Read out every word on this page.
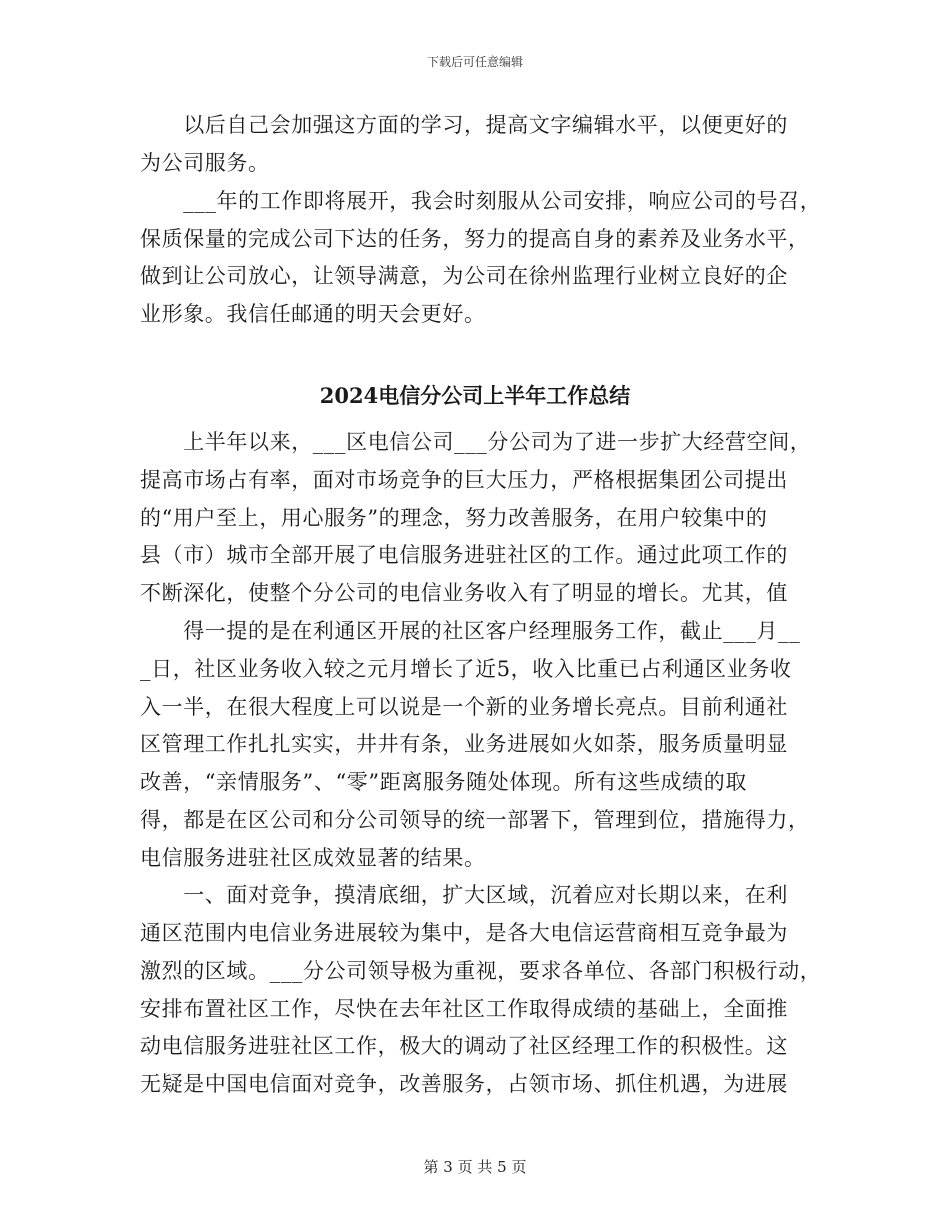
下载后可任意编辑
　　以后自己会加强这方面的学习，提高文字编辑水平，以便更好的
为公司服务。
　　___年的工作即将展开，我会时刻服从公司安排，响应公司的号召，
保质保量的完成公司下达的任务，努力的提高自身的素养及业务水平，
做到让公司放心，让领导满意，为公司在徐州监理行业树立良好的企
业形象。我信任邮通的明天会更好。
2024电信分公司上半年工作总结
　　上半年以来，___区电信公司___分公司为了进一步扩大经营空间，
提高市场占有率，面对市场竞争的巨大压力，严格根据集团公司提出
的“用户至上，用心服务”的理念，努力改善服务，在用户较集中的
县（市）城市全部开展了电信服务进驻社区的工作。通过此项工作的
不断深化，使整个分公司的电信业务收入有了明显的增长。尤其，值
　　得一提的是在利通区开展的社区客户经理服务工作，截止___月__
_日，社区业务收入较之元月增长了近5，收入比重已占利通区业务收
入一半，在很大程度上可以说是一个新的业务增长亮点。目前利通社
区管理工作扎扎实实，井井有条，业务进展如火如荼，服务质量明显
改善，“亲情服务”、“零”距离服务随处体现。所有这些成绩的取
得，都是在区公司和分公司领导的统一部署下，管理到位，措施得力，
电信服务进驻社区成效显著的结果。
　　一、面对竞争，摸清底细，扩大区域，沉着应对长期以来，在利
通区范围内电信业务进展较为集中，是各大电信运营商相互竞争最为
激烈的区域。___分公司领导极为重视，要求各单位、各部门积极行动，
安排布置社区工作，尽快在去年社区工作取得成绩的基础上，全面推
动电信服务进驻社区工作，极大的调动了社区经理工作的积极性。这
无疑是中国电信面对竞争，改善服务，占领市场、抓住机遇，为进展
第 3 页 共 5 页
